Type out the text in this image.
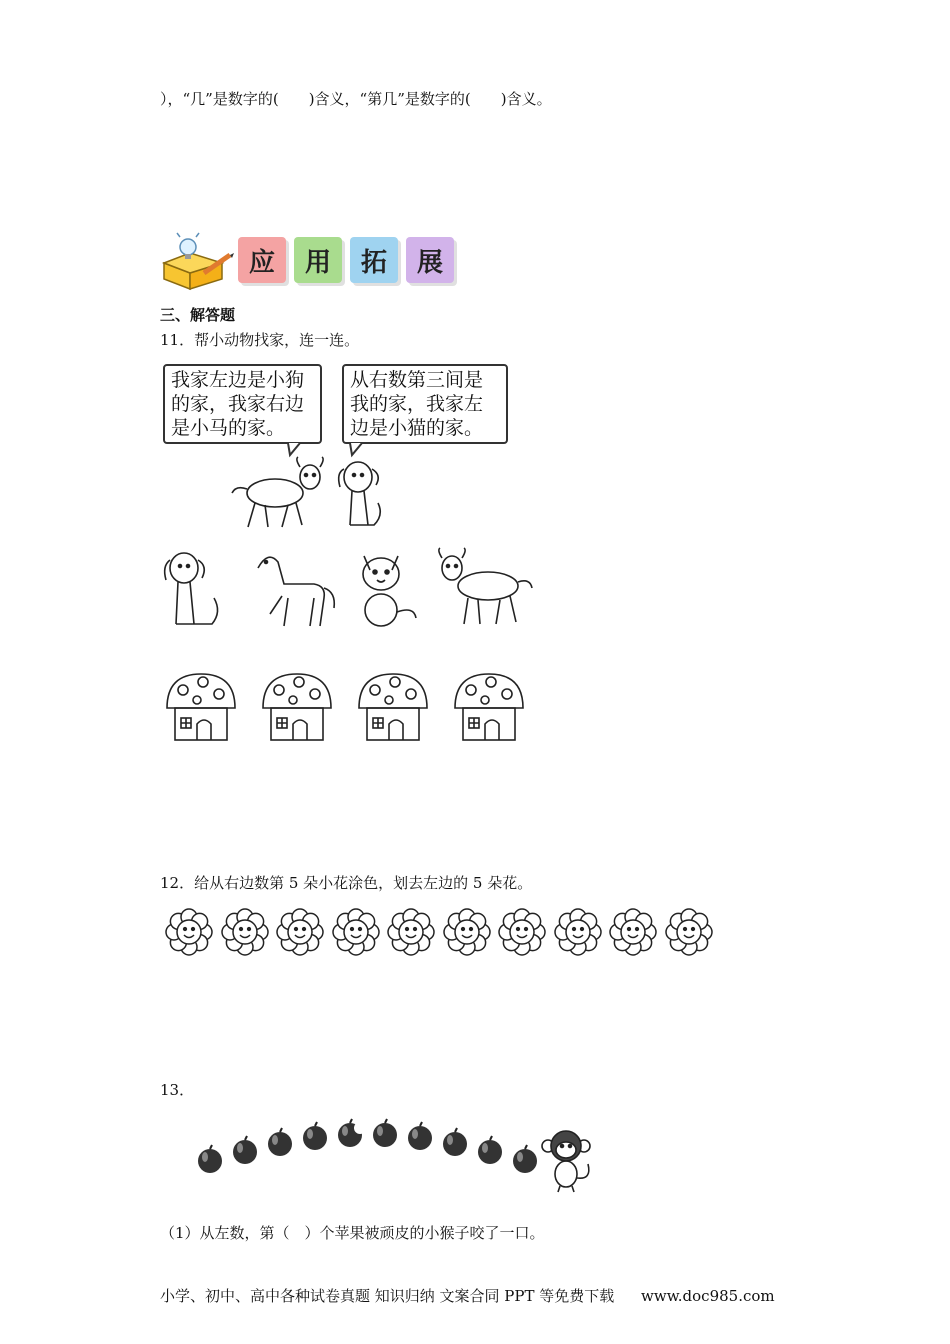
），“几”是数字的(　　)含义，“第几”是数字的(　　)含义。
应	用	拓	展
三、解答题
11．帮小动物找家，连一连。
我家左边是小狗
的家，我家右边
是小马的家。
从右数第三间是
我的家，我家左
边是小猫的家。
12．给从右边数第 5 朵小花涂色，划去左边的 5 朵花。
13．
（1）从左数，第（　）个苹果被顽皮的小猴子咬了一口。
小学、初中、高中各种试卷真题 知识归纳 文案合同 PPT 等免费下载 www.doc985.com
